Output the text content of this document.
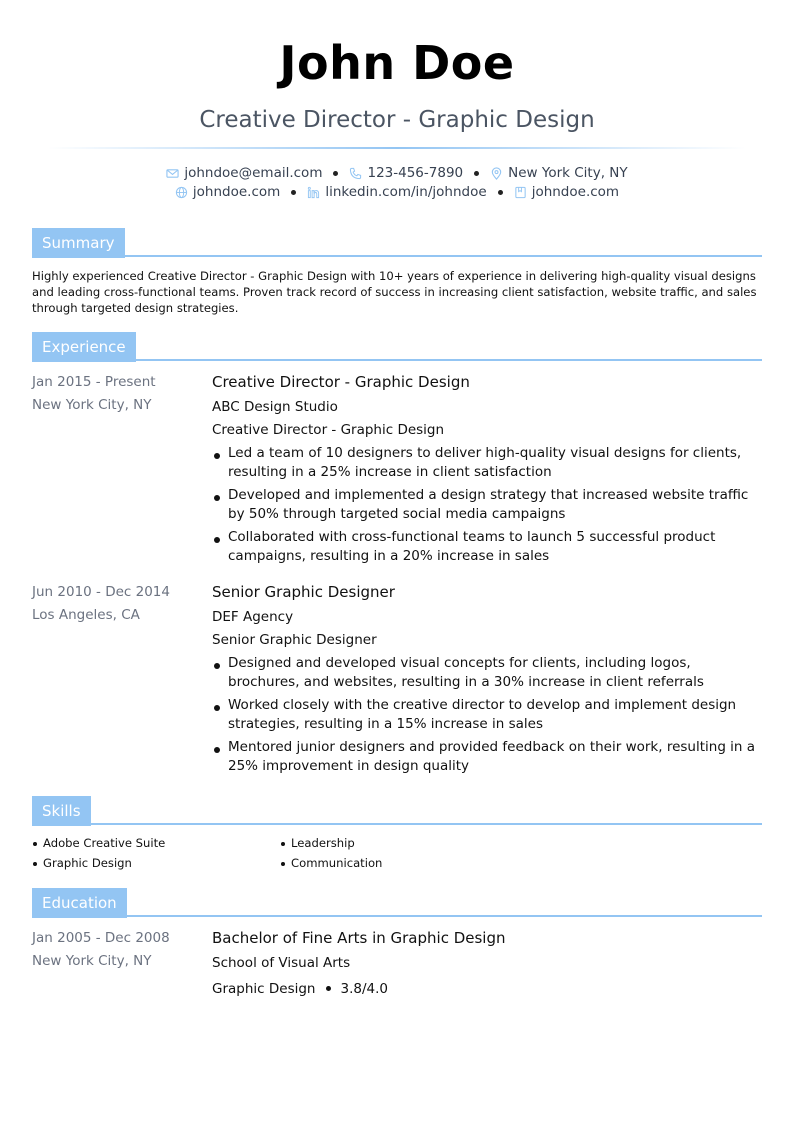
John Doe
Creative Director - Graphic Design
johndoe@email.com	123-456-7890	New York City, NY
johndoe.com	linkedin.com/in/johndoe	johndoe.com
Summary
Highly experienced Creative Director - Graphic Design with 10+ years of experience in delivering high-quality visual designs and leading cross-functional teams. Proven track record of success in increasing client satisfaction, website traffic, and sales through targeted design strategies.
Experience
Jan 2015 - Present
New York City, NY
Creative Director - Graphic Design
ABC Design Studio
Creative Director - Graphic Design
Led a team of 10 designers to deliver high-quality visual designs for clients, resulting in a 25% increase in client satisfaction
Developed and implemented a design strategy that increased website traffic by 50% through targeted social media campaigns
Collaborated with cross-functional teams to launch 5 successful product campaigns, resulting in a 20% increase in sales
Jun 2010 - Dec 2014
Los Angeles, CA
Senior Graphic Designer
DEF Agency
Senior Graphic Designer
Designed and developed visual concepts for clients, including logos, brochures, and websites, resulting in a 30% increase in client referrals
Worked closely with the creative director to develop and implement design strategies, resulting in a 15% increase in sales
Mentored junior designers and provided feedback on their work, resulting in a 25% improvement in design quality
Skills
Adobe Creative Suite	Leadership
Graphic Design	Communication
Education
Jan 2005 - Dec 2008
New York City, NY
Bachelor of Fine Arts in Graphic Design
School of Visual Arts
Graphic Design 3.8/4.0
